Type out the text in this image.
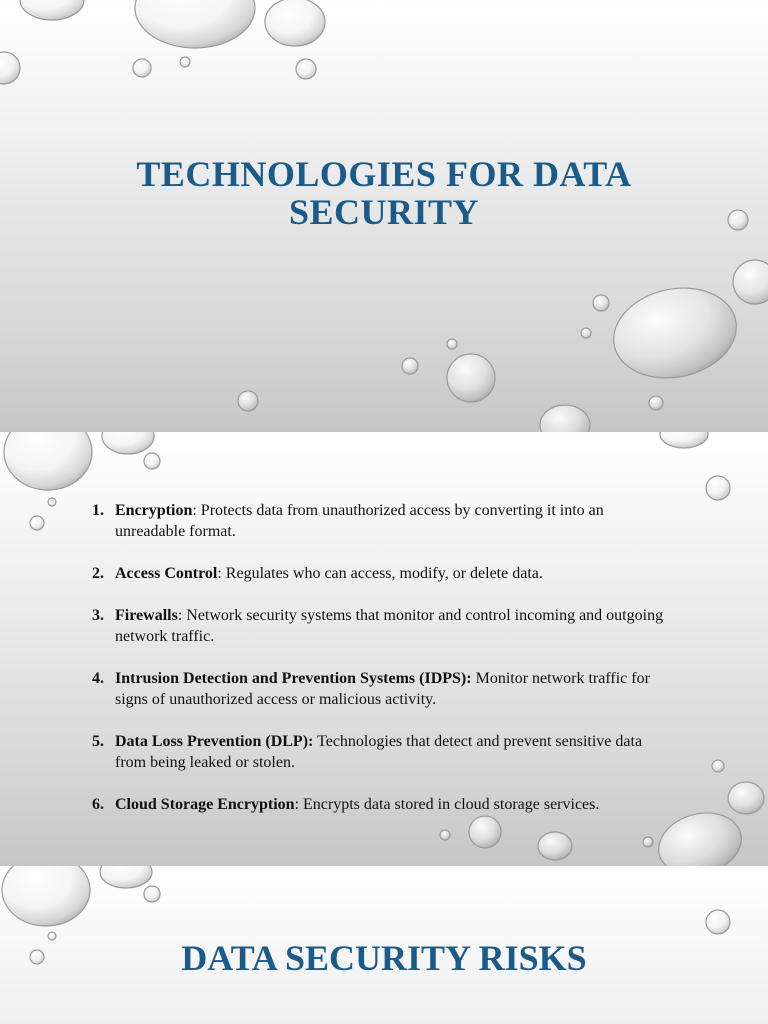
TECHNOLOGIES FOR DATA SECURITY
1. Encryption: Protects data from unauthorized access by converting it into an unreadable format.
2. Access Control: Regulates who can access, modify, or delete data.
3. Firewalls: Network security systems that monitor and control incoming and outgoing network traffic.
4. Intrusion Detection and Prevention Systems (IDPS): Monitor network traffic for signs of unauthorized access or malicious activity.
5. Data Loss Prevention (DLP): Technologies that detect and prevent sensitive data from being leaked or stolen.
6. Cloud Storage Encryption: Encrypts data stored in cloud storage services.
DATA SECURITY RISKS
